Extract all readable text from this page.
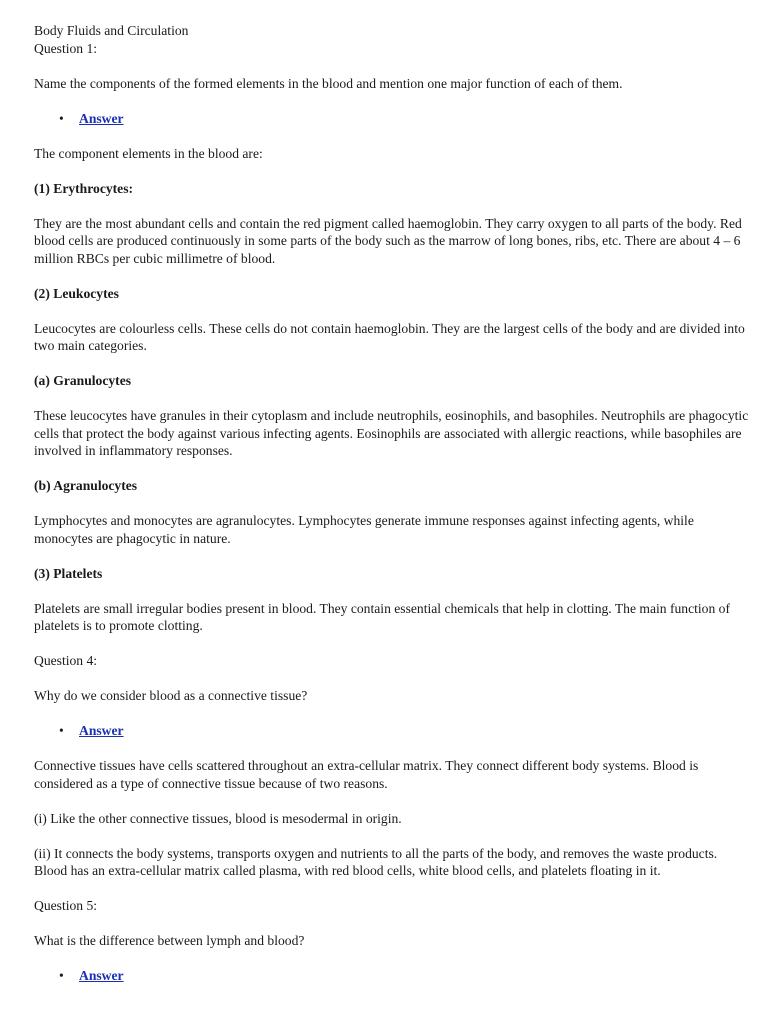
Body Fluids and Circulation

Question 1:

Name the components of the formed elements in the blood and mention one major function of each of them.

• Answer

The component elements in the blood are:

(1) Erythrocytes:

They are the most abundant cells and contain the red pigment called haemoglobin. They carry oxygen to all parts of the body. Red blood cells are produced continuously in some parts of the body such as the marrow of long bones, ribs, etc. There are about 4 – 6 million RBCs per cubic millimetre of blood.

(2) Leukocytes

Leucocytes are colourless cells. These cells do not contain haemoglobin. They are the largest cells of the body and are divided into two main categories.

(a) Granulocytes

These leucocytes have granules in their cytoplasm and include neutrophils, eosinophils, and basophiles. Neutrophils are phagocytic cells that protect the body against various infecting agents. Eosinophils are associated with allergic reactions, while basophiles are involved in inflammatory responses.

(b) Agranulocytes

Lymphocytes and monocytes are agranulocytes. Lymphocytes generate immune responses against infecting agents, while monocytes are phagocytic in nature.

(3) Platelets

Platelets are small irregular bodies present in blood. They contain essential chemicals that help in clotting. The main function of platelets is to promote clotting.

Question 4:

Why do we consider blood as a connective tissue?

• Answer

Connective tissues have cells scattered throughout an extra-cellular matrix. They connect different body systems. Blood is considered as a type of connective tissue because of two reasons.

(i) Like the other connective tissues, blood is mesodermal in origin.

(ii) It connects the body systems, transports oxygen and nutrients to all the parts of the body, and removes the waste products. Blood has an extra-cellular matrix called plasma, with red blood cells, white blood cells, and platelets floating in it.

Question 5:

What is the difference between lymph and blood?

• Answer
